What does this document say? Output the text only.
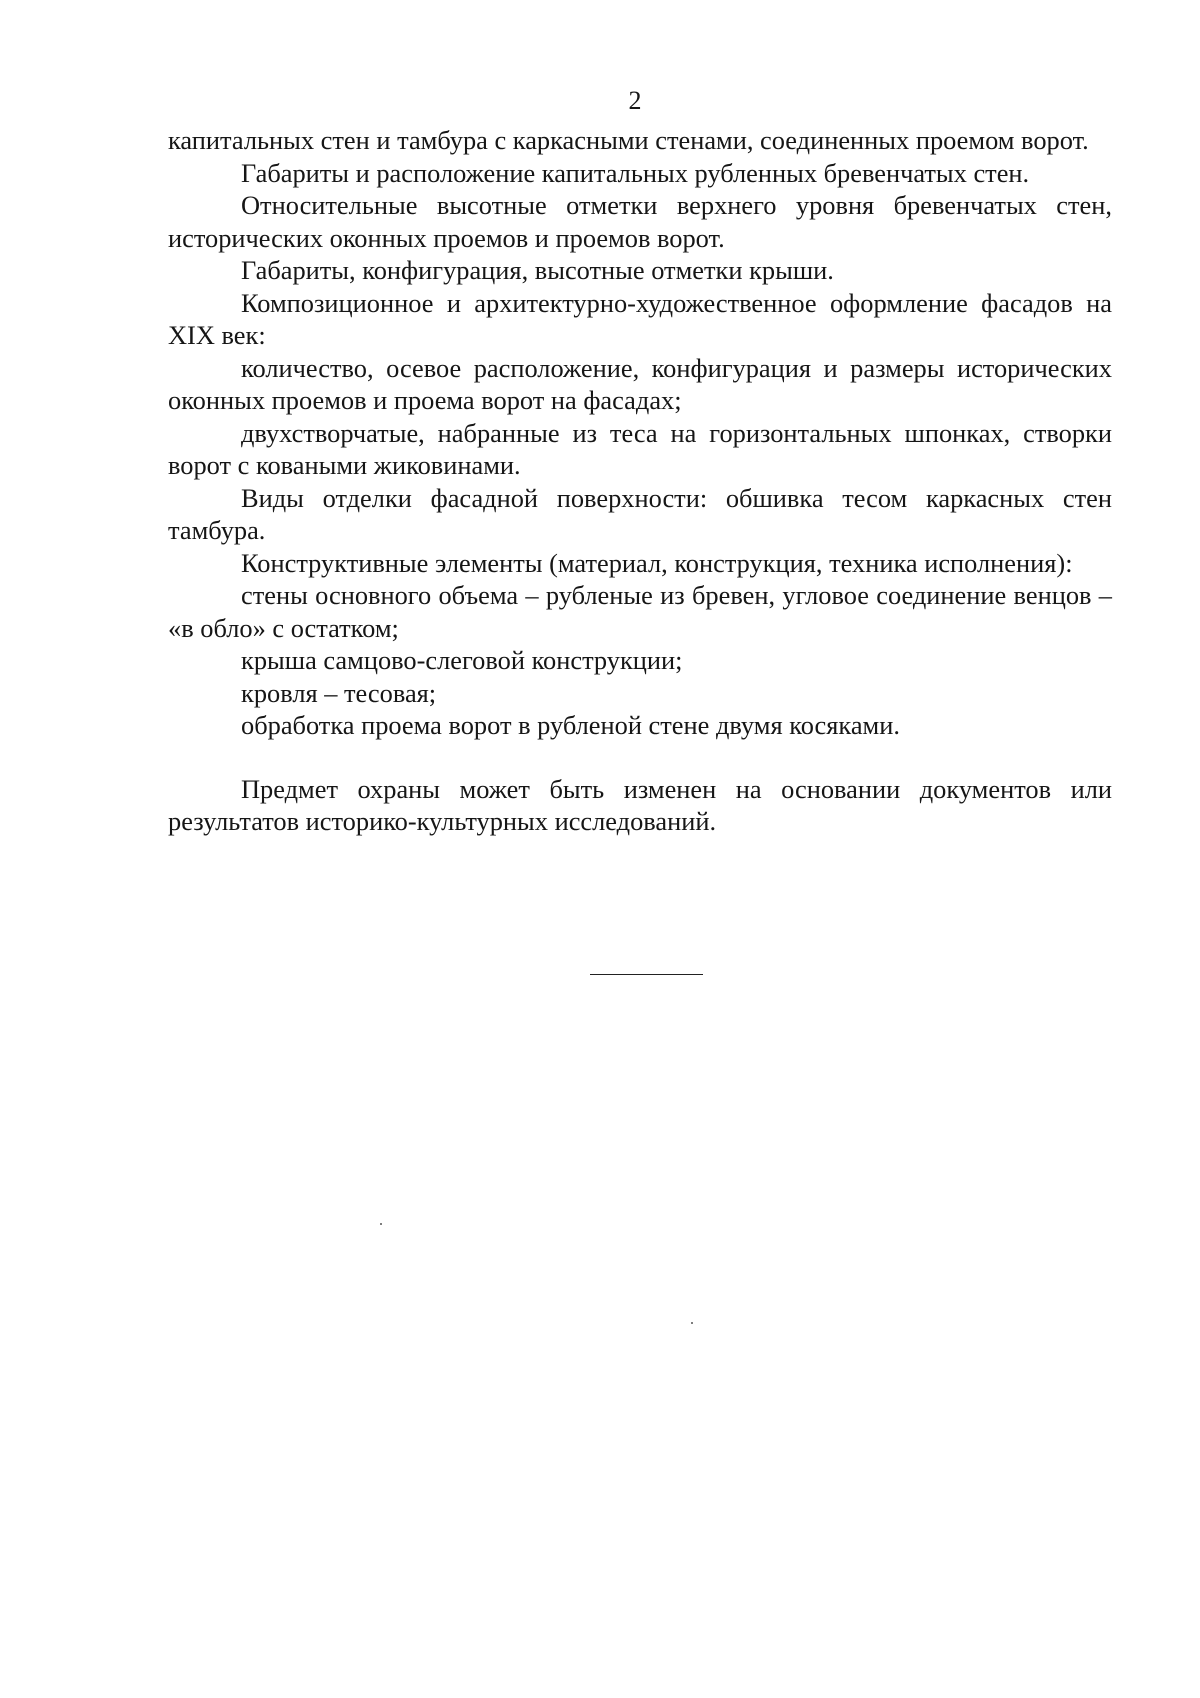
2

капитальных стен и тамбура с каркасными стенами, соединенных проемом ворот.

Габариты и расположение капитальных рубленных бревенчатых стен.

Относительные высотные отметки верхнего уровня бревенчатых стен, исторических оконных проемов и проемов ворот.

Габариты, конфигурация, высотные отметки крыши.

Композиционное и архитектурно-художественное оформление фасадов на XIX век:

количество, осевое расположение, конфигурация и размеры исторических оконных проемов и проема ворот на фасадах;

двухстворчатые, набранные из теса на горизонтальных шпонках, створки ворот с коваными жиковинами.

Виды отделки фасадной поверхности: обшивка тесом каркасных стен тамбура.

Конструктивные элементы (материал, конструкция, техника исполнения):

стены основного объема – рубленые из бревен, угловое соединение венцов – «в обло» с остатком;

крыша самцово-слеговой конструкции;

кровля – тесовая;

обработка проема ворот в рубленой стене двумя косяками.

Предмет охраны может быть изменен на основании документов или результатов историко-культурных исследований.
